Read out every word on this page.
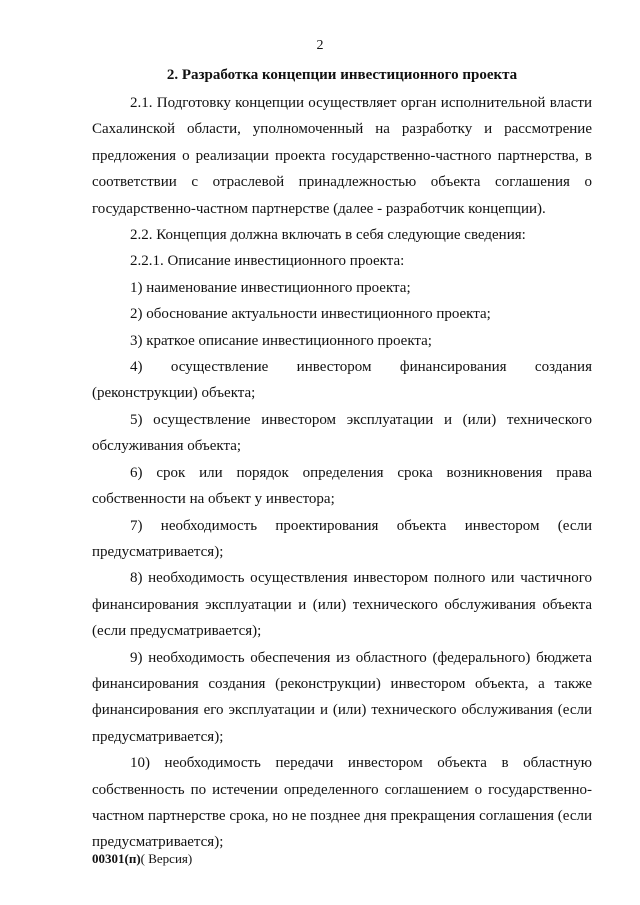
2
2. Разработка концепции инвестиционного проекта

2.1. Подготовку концепции осуществляет орган исполнительной власти Сахалинской области, уполномоченный на разработку и рассмотрение предложения о реализации проекта государственно-частного партнерства, в соответствии с отраслевой принадлежностью объекта соглашения о государственно-частном партнерстве (далее - разработчик концепции).

2.2. Концепция должна включать в себя следующие сведения:

2.2.1. Описание инвестиционного проекта:

1) наименование инвестиционного проекта;

2) обоснование актуальности инвестиционного проекта;

3) краткое описание инвестиционного проекта;

4) осуществление инвестором финансирования создания (реконструкции) объекта;

5) осуществление инвестором эксплуатации и (или) технического обслуживания объекта;

6) срок или порядок определения срока возникновения права собственности на объект у инвестора;

7) необходимость проектирования объекта инвестором (если предусматривается);

8) необходимость осуществления инвестором полного или частичного финансирования эксплуатации и (или) технического обслуживания объекта (если предусматривается);

9) необходимость обеспечения из областного (федерального) бюджета финансирования создания (реконструкции) инвестором объекта, а также финансирования его эксплуатации и (или) технического обслуживания (если предусматривается);

10) необходимость передачи инвестором объекта в областную собственность по истечении определенного соглашением о государственно-частном партнерстве срока, но не позднее дня прекращения соглашения (если предусматривается);

00301(п)( Версия)
